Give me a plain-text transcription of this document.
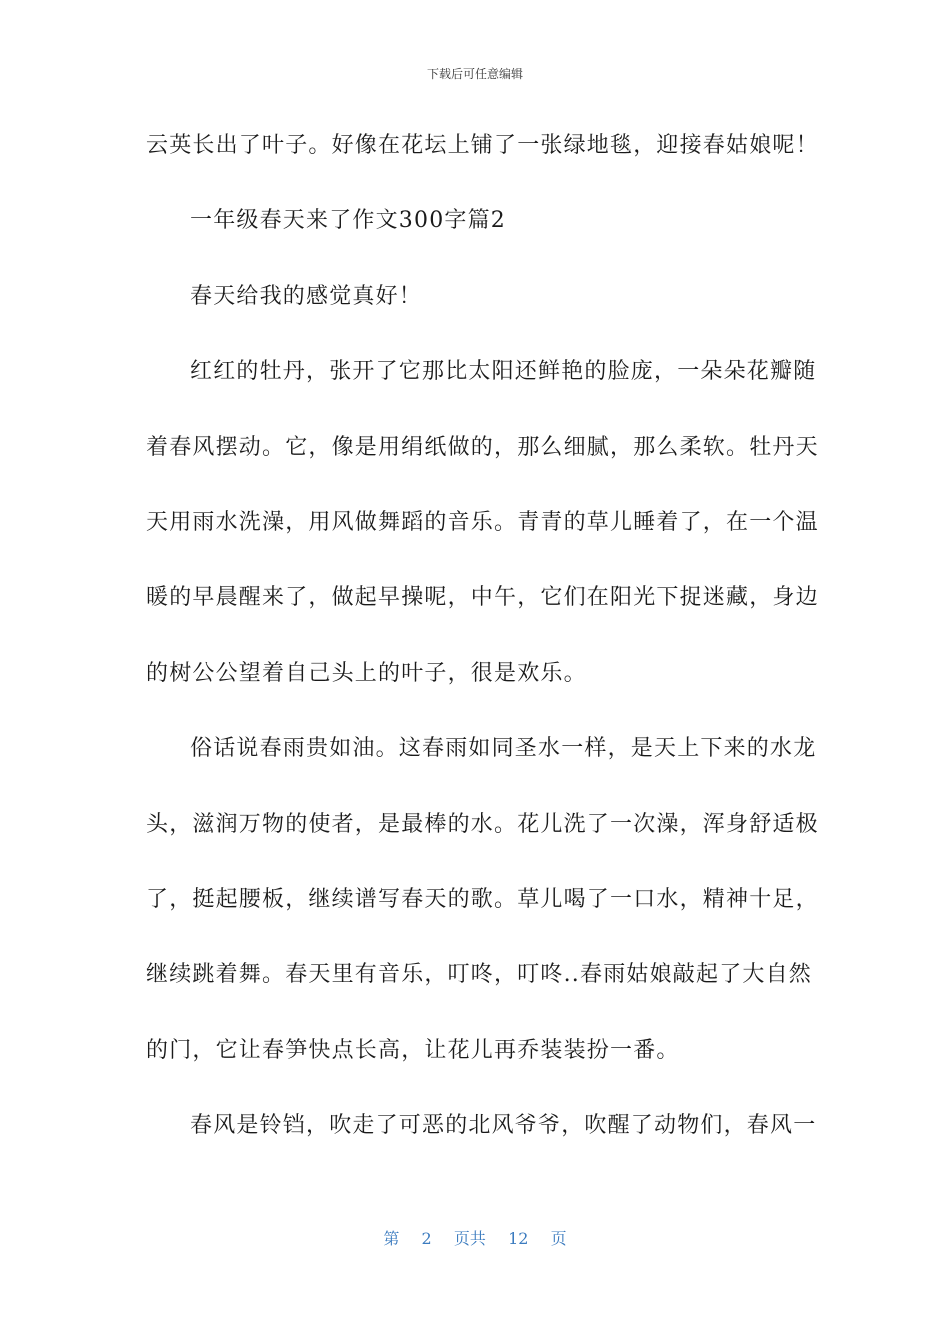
下载后可任意编辑
云英长出了叶子。好像在花坛上铺了一张绿地毯，迎接春姑娘呢！
一年级春天来了作文300字篇2
春天给我的感觉真好！
红红的牡丹，张开了它那比太阳还鲜艳的脸庞，一朵朵花瓣随
着春风摆动。它，像是用绢纸做的，那么细腻，那么柔软。牡丹天
天用雨水洗澡，用风做舞蹈的音乐。青青的草儿睡着了，在一个温
暖的早晨醒来了，做起早操呢，中午，它们在阳光下捉迷藏，身边
的树公公望着自己头上的叶子，很是欢乐。
俗话说春雨贵如油。这春雨如同圣水一样，是天上下来的水龙
头，滋润万物的使者，是最棒的水。花儿洗了一次澡，浑身舒适极
了，挺起腰板，继续谱写春天的歌。草儿喝了一口水，精神十足，
继续跳着舞。春天里有音乐，叮咚，叮咚..春雨姑娘敲起了大自然
的门，它让春笋快点长高，让花儿再乔装装扮一番。
春风是铃铛，吹走了可恶的北风爷爷，吹醒了动物们，春风一
第  2  页共  12  页
